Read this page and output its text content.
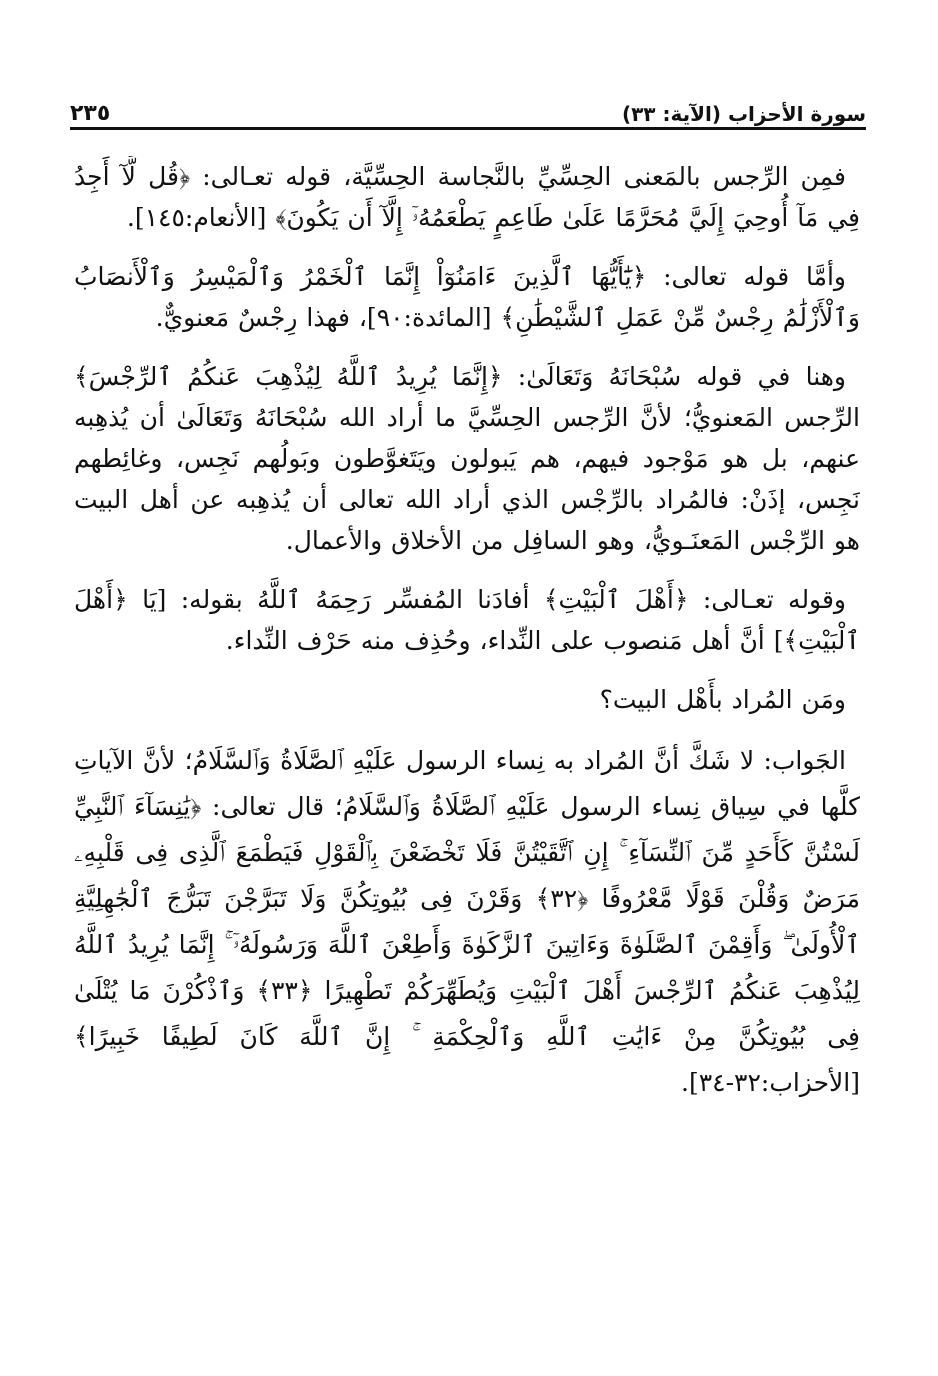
سورة الأحزاب (الآية: ٣٣)
٢٣٥

فمِن الرِّجس بالمَعنى الحِسِّيِّ بالنَّجاسة الحِسِّيَّة، قوله تعـالى: ﴿قُل لَّآ أَجِدُ فِي مَآ أُوحِيَ إِلَيَّ مُحَرَّمًا عَلَىٰ طَاعِمٍ يَطْعَمُهُۥٓ إِلَّآ أَن يَكُونَ﴾ [الأنعام:١٤٥].

وأمَّا قوله تعالى: ﴿يَٰٓأَيُّهَا ٱلَّذِينَ ءَامَنُوٓاْ إِنَّمَا ٱلْخَمْرُ وَٱلْمَيْسِرُ وَٱلْأَنصَابُ وَٱلْأَزْلَٰمُ رِجْسٌ مِّنْ عَمَلِ ٱلشَّيْطَٰنِ﴾ [المائدة:٩٠]، فهذا رِجْسٌ مَعنويٌّ.

وهنا في قوله سُبْحَانَهُ وَتَعَالَىٰ: ﴿إِنَّمَا يُرِيدُ ٱللَّهُ لِيُذْهِبَ عَنكُمُ ٱلرِّجْسَ﴾ الرِّجس المَعنويُّ؛ لأنَّ الرِّجس الحِسِّيَّ ما أراد الله سُبْحَانَهُ وَتَعَالَىٰ أن يُذهِبه عنهم، بل هو مَوْجود فيهم، هم يَبولون ويَتَغوَّطون وبَولُهم نَجِس، وغائِطهم نَجِس، إذَنْ: فالمُراد بالرِّجْس الذي أراد الله تعالى أن يُذهِبه عن أهل البيت هو الرِّجْس المَعنَـويُّ، وهو السافِل من الأخلاق والأعمال.

وقوله تعـالى: ﴿أَهْلَ ٱلْبَيْتِ﴾ أفادَنا المُفسِّر رَحِمَهُ ٱللَّهُ بقوله: [يَا ﴿أَهْلَ ٱلْبَيْتِ﴾] أنَّ أهل مَنصوب على النِّداء، وحُذِف منه حَرْف النِّداء.

ومَن المُراد بأَهْل البيت؟

الجَواب: لا شَكَّ أنَّ المُراد به نِساء الرسول عَلَيْهِ ٱلصَّلَاةُ وَٱلسَّلَامُ؛ لأنَّ الآياتِ كلَّها في سِياق نِساء الرسول عَلَيْهِ ٱلصَّلَاةُ وَٱلسَّلَامُ؛ قال تعالى: ﴿يَٰنِسَآءَ ٱلنَّبِيِّ لَسْتُنَّ كَأَحَدٍ مِّنَ ٱلنِّسَآءِ ۚ إِنِ ٱتَّقَيْتُنَّ فَلَا تَخْضَعْنَ بِٱلْقَوْلِ فَيَطْمَعَ ٱلَّذِى فِى قَلْبِهِۦ مَرَضٌ وَقُلْنَ قَوْلًا مَّعْرُوفًا ﴿٣٢﴾ وَقَرْنَ فِى بُيُوتِكُنَّ وَلَا تَبَرَّجْنَ تَبَرُّجَ ٱلْجَٰهِلِيَّةِ ٱلْأُولَىٰ ۖ وَأَقِمْنَ ٱلصَّلَوٰةَ وَءَاتِينَ ٱلزَّكَوٰةَ وَأَطِعْنَ ٱللَّهَ وَرَسُولَهُۥٓ ۚ إِنَّمَا يُرِيدُ ٱللَّهُ لِيُذْهِبَ عَنكُمُ ٱلرِّجْسَ أَهْلَ ٱلْبَيْتِ وَيُطَهِّرَكُمْ تَطْهِيرًا ﴿٣٣﴾ وَٱذْكُرْنَ مَا يُتْلَىٰ فِى بُيُوتِكُنَّ مِنْ ءَايَٰتِ ٱللَّهِ وَٱلْحِكْمَةِ ۚ إِنَّ ٱللَّهَ كَانَ لَطِيفًا خَبِيرًا﴾ [الأحزاب:٣٢-٣٤].
